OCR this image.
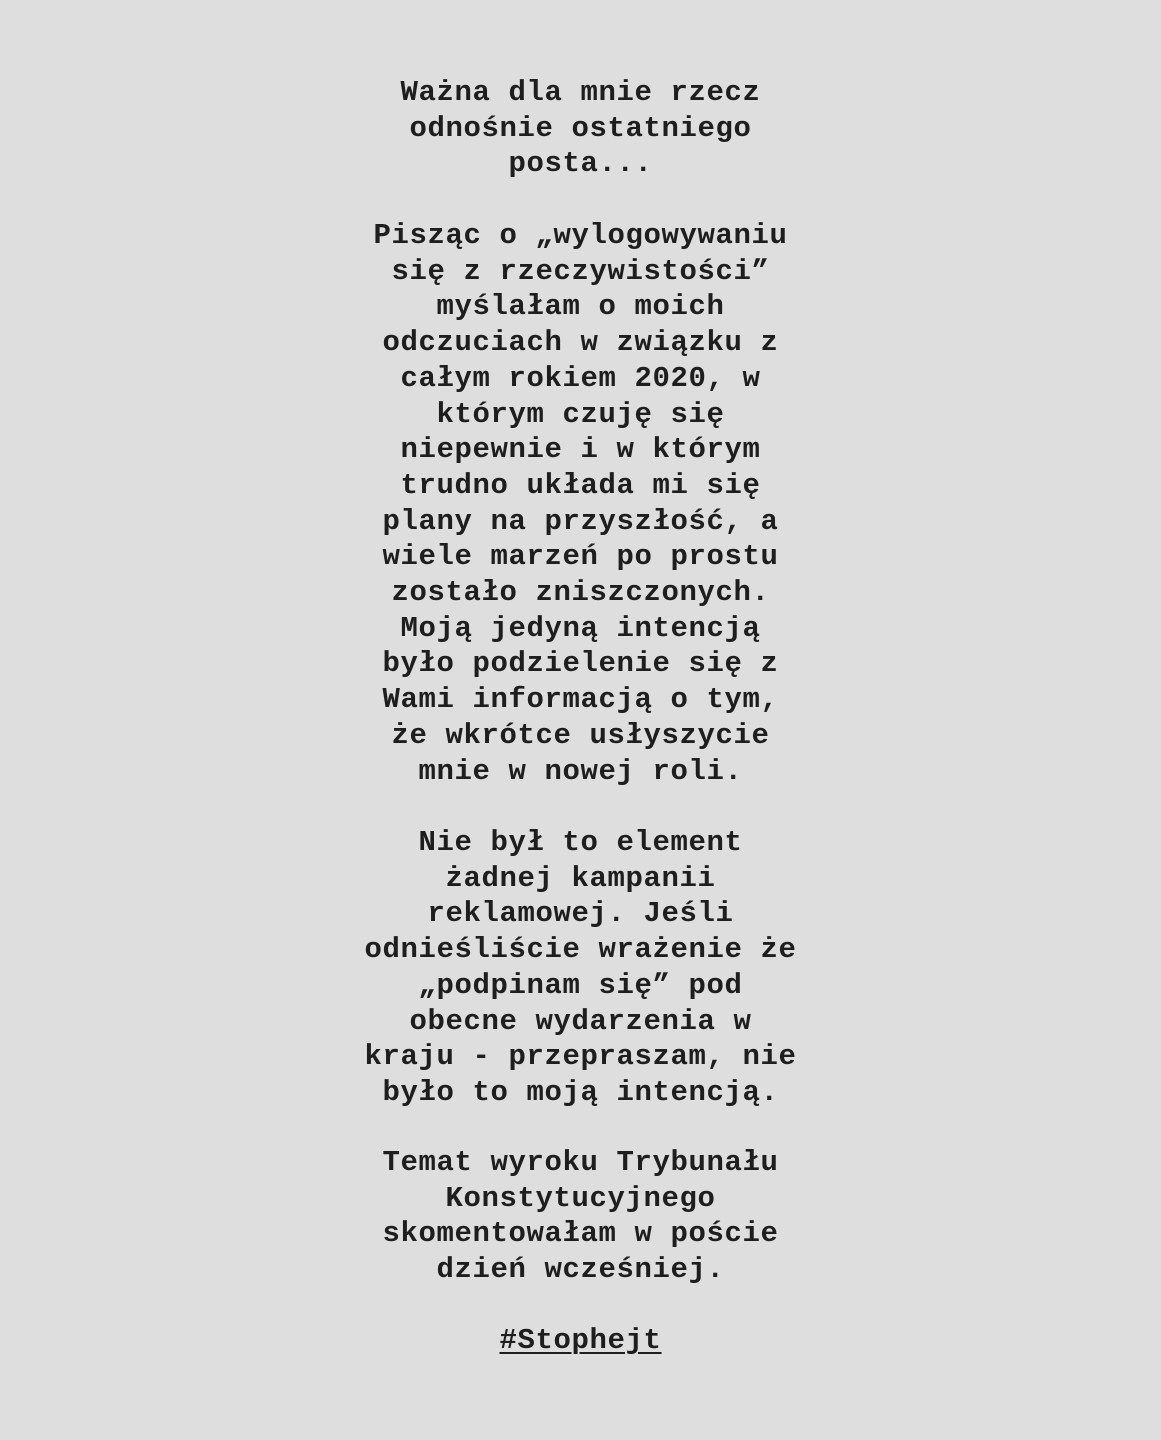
Ważna dla mnie rzecz
odnośnie ostatniego
posta...
Pisząc o „wylogowywaniu
się z rzeczywistości”
myślałam o moich
odczuciach w związku z
całym rokiem 2020, w
którym czuję się
niepewnie i w którym
trudno układa mi się
plany na przyszłość, a
wiele marzeń po prostu
zostało zniszczonych.
Moją jedyną intencją
było podzielenie się z
Wami informacją o tym,
że wkrótce usłyszycie
mnie w nowej roli.
Nie był to element
żadnej kampanii
reklamowej. Jeśli
odnieśliście wrażenie że
„podpinam się” pod
obecne wydarzenia w
kraju - przepraszam, nie
było to moją intencją.
Temat wyroku Trybunału
Konstytucyjnego
skomentowałam w poście
dzień wcześniej.
#Stophejt
